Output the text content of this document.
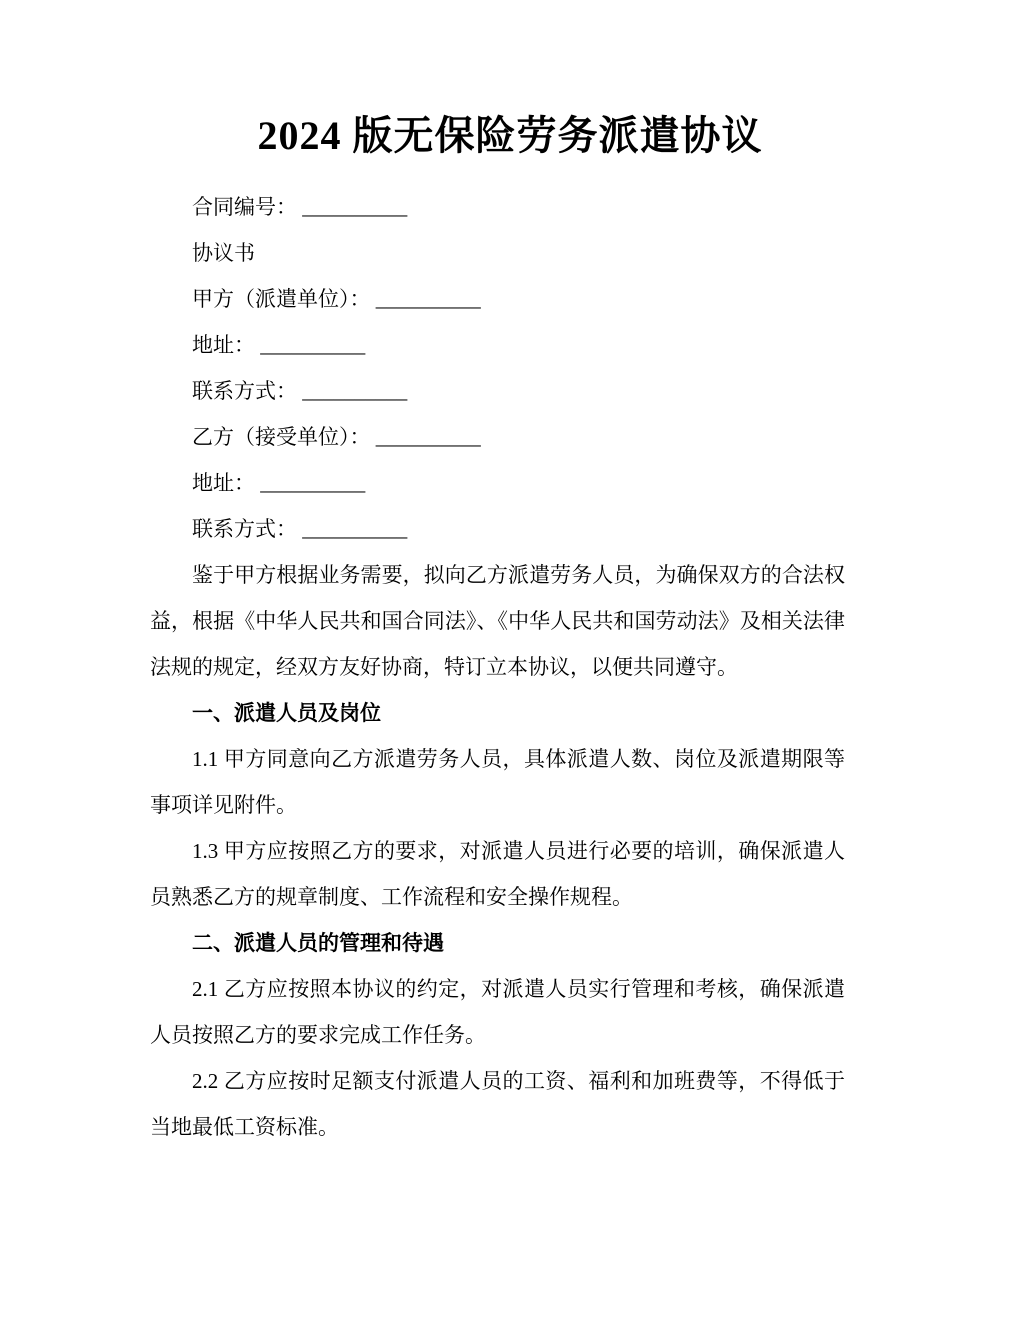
2024 版无保险劳务派遣协议

合同编号： __________

协议书

甲方（派遣单位）： __________

地址： __________

联系方式： __________

乙方（接受单位）： __________

地址： __________

联系方式： __________

鉴于甲方根据业务需要，拟向乙方派遣劳务人员，为确保双方的合法权益，根据《中华人民共和国合同法》、《中华人民共和国劳动法》及相关法律法规的规定，经双方友好协商，特订立本协议，以便共同遵守。

一、派遣人员及岗位

1.1 甲方同意向乙方派遣劳务人员，具体派遣人数、岗位及派遣期限等事项详见附件。

1.3 甲方应按照乙方的要求，对派遣人员进行必要的培训，确保派遣人员熟悉乙方的规章制度、工作流程和安全操作规程。

二、派遣人员的管理和待遇

2.1 乙方应按照本协议的约定，对派遣人员实行管理和考核，确保派遣人员按照乙方的要求完成工作任务。

2.2 乙方应按时足额支付派遣人员的工资、福利和加班费等，不得低于当地最低工资标准。
